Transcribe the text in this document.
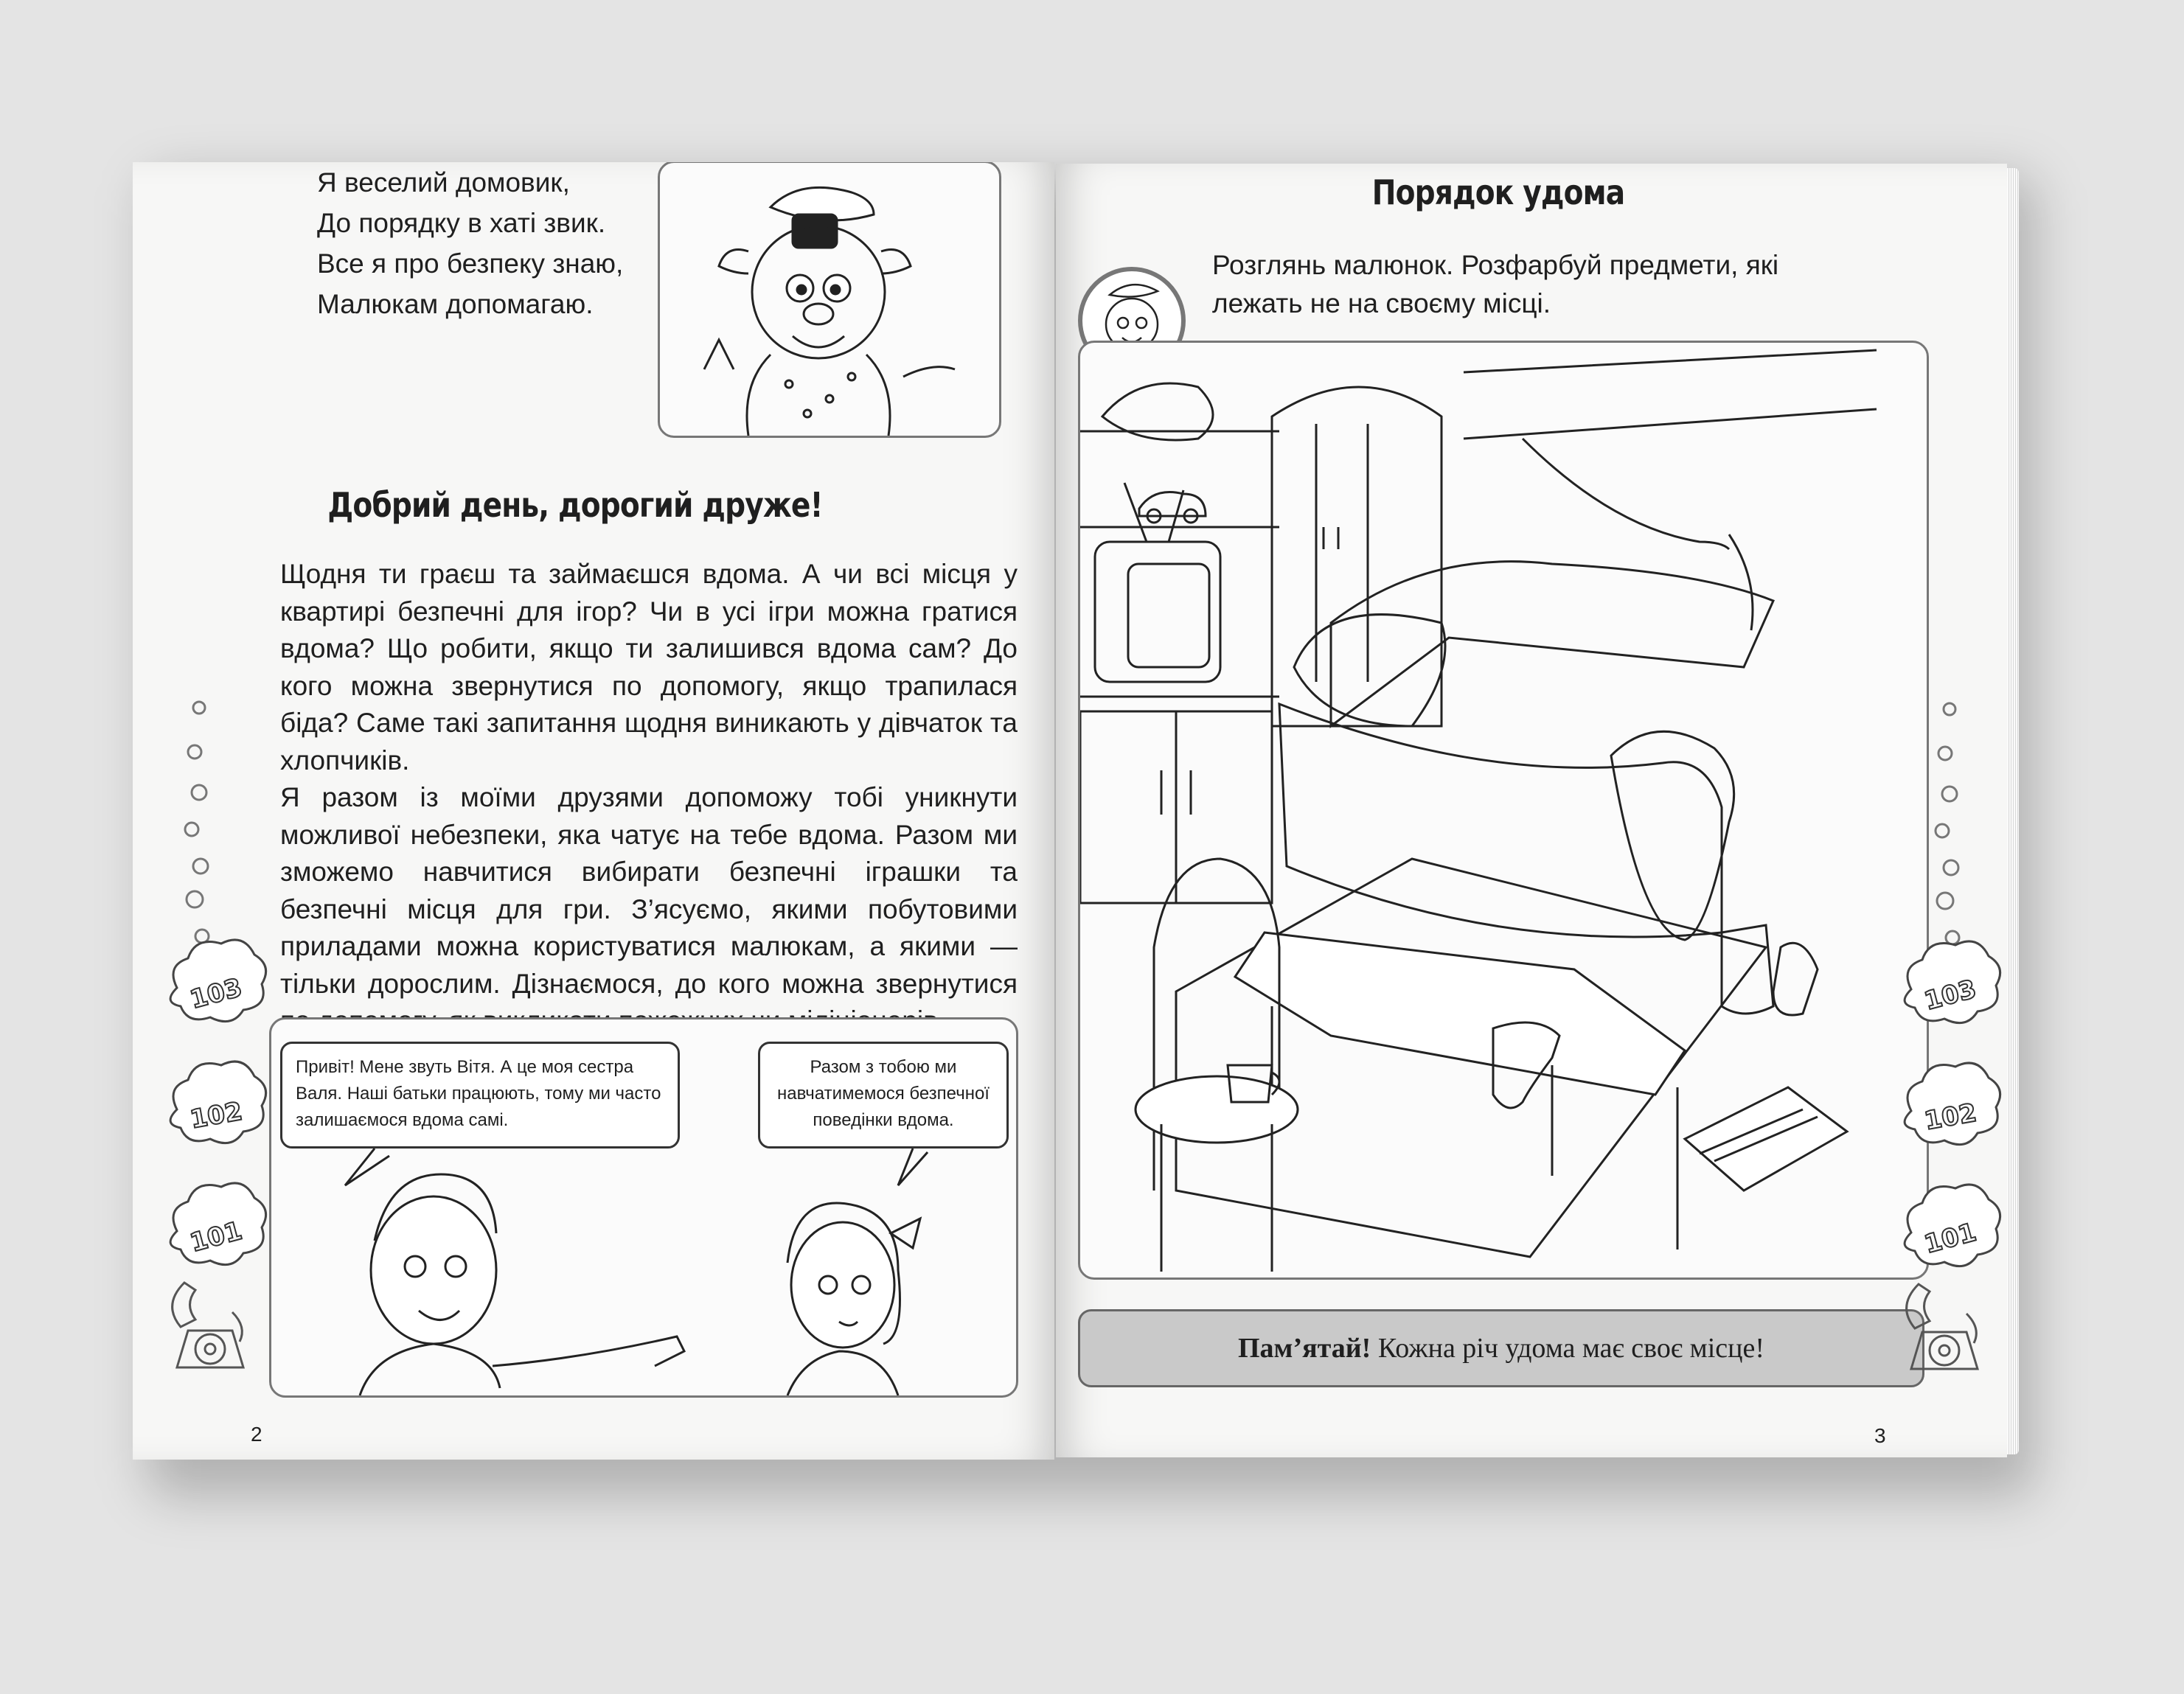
103
102
101
Я веселий домовик,
До порядку в хаті звик.
Все я про безпеку знаю,
Малюкам допомагаю.
Добрий день, дорогий друже!
Щодня ти граєш та займаєшся вдома. А чи всі місця у квартирі безпечні для ігор? Чи в усі ігри можна гратися вдома? Що робити, якщо ти залишився вдома сам? До кого можна звернутися по допомогу, якщо трапилася біда? Саме такі запитання щодня виникають у дівчаток та хлопчиків.
Я разом із моїми друзями допоможу тобі уникнути можливої небезпеки, яка чатує на тебе вдома. Разом ми зможемо навчитися вибирати безпечні іграшки та безпечні місця для гри. З’ясуємо, якими побутовими приладами можна користуватися малюкам, а якими — тільки дорослим. Дізнаємося, до кого можна звернутися
Привіт! Мене звуть Вітя. А це моя сестра Валя. Наші батьки працюють, тому ми часто залишаємося вдома самі.
Разом з тобою ми навчатимемося безпечної поведінки вдома.
2
Порядок удома
Розглянь малюнок. Розфарбуй предмети, які лежать не на своєму місці.
Пам’ятай! Кожна річ удома має своє місце!
103
102
101
3
